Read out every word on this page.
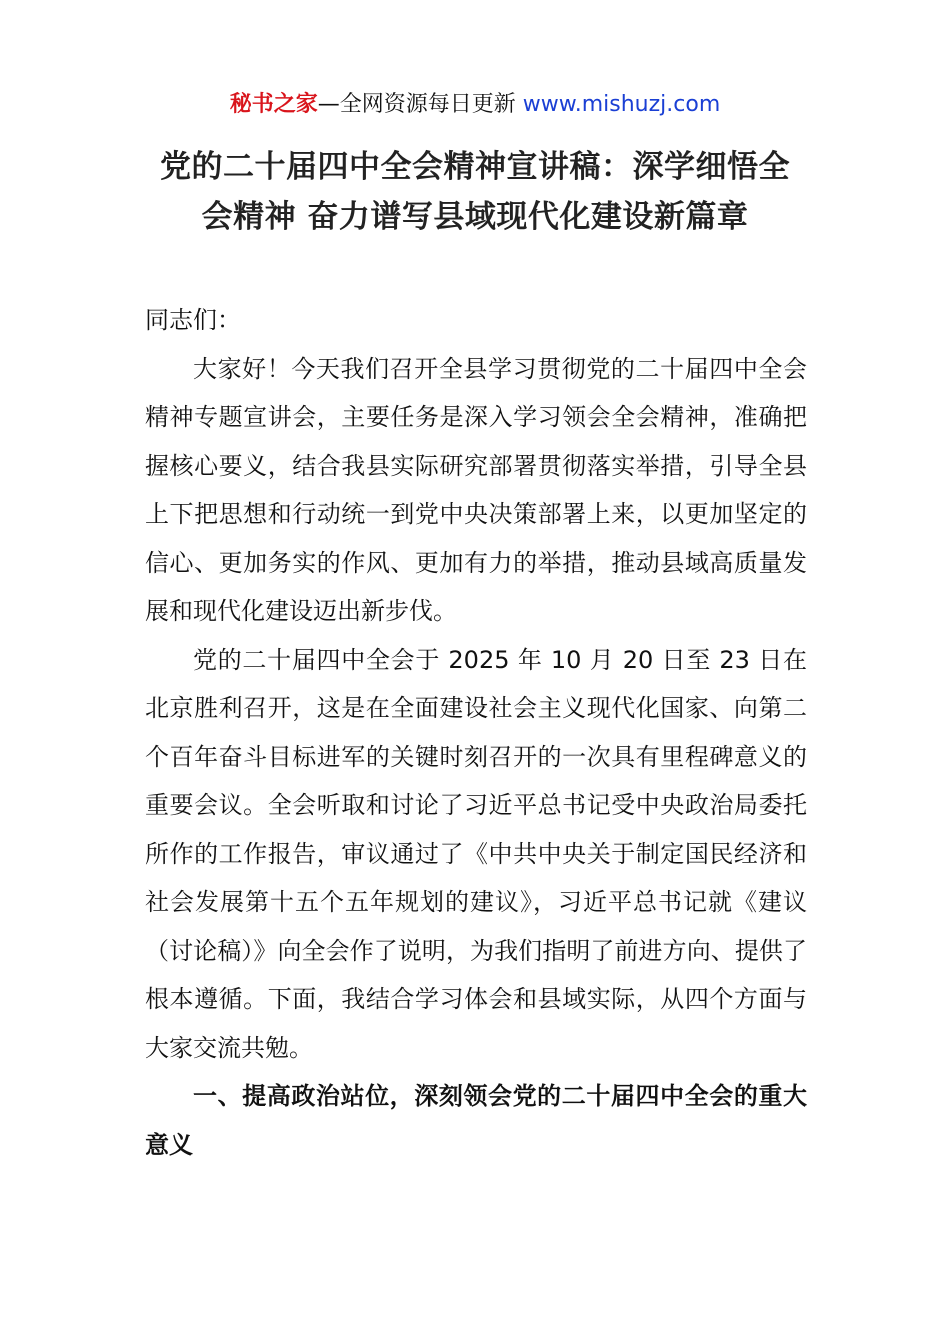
秘书之家—全网资源每日更新 www.mishuzj.com
党的二十届四中全会精神宣讲稿：深学细悟全
会精神 奋力谱写县域现代化建设新篇章

同志们：

大家好！今天我们召开全县学习贯彻党的二十届四中全会精神专题宣讲会，主要任务是深入学习领会全会精神，准确把握核心要义，结合我县实际研究部署贯彻落实举措，引导全县上下把思想和行动统一到党中央决策部署上来，以更加坚定的信心、更加务实的作风、更加有力的举措，推动县域高质量发展和现代化建设迈出新步伐。

党的二十届四中全会于 2025 年 10 月 20 日至 23 日在北京胜利召开，这是在全面建设社会主义现代化国家、向第二个百年奋斗目标进军的关键时刻召开的一次具有里程碑意义的重要会议。全会听取和讨论了习近平总书记受中央政治局委托所作的工作报告，审议通过了《中共中央关于制定国民经济和社会发展第十五个五年规划的建议》，习近平总书记就《建议（讨论稿）》向全会作了说明，为我们指明了前进方向、提供了根本遵循。下面，我结合学习体会和县域实际，从四个方面与大家交流共勉。

一、提高政治站位，深刻领会党的二十届四中全会的重大意义
